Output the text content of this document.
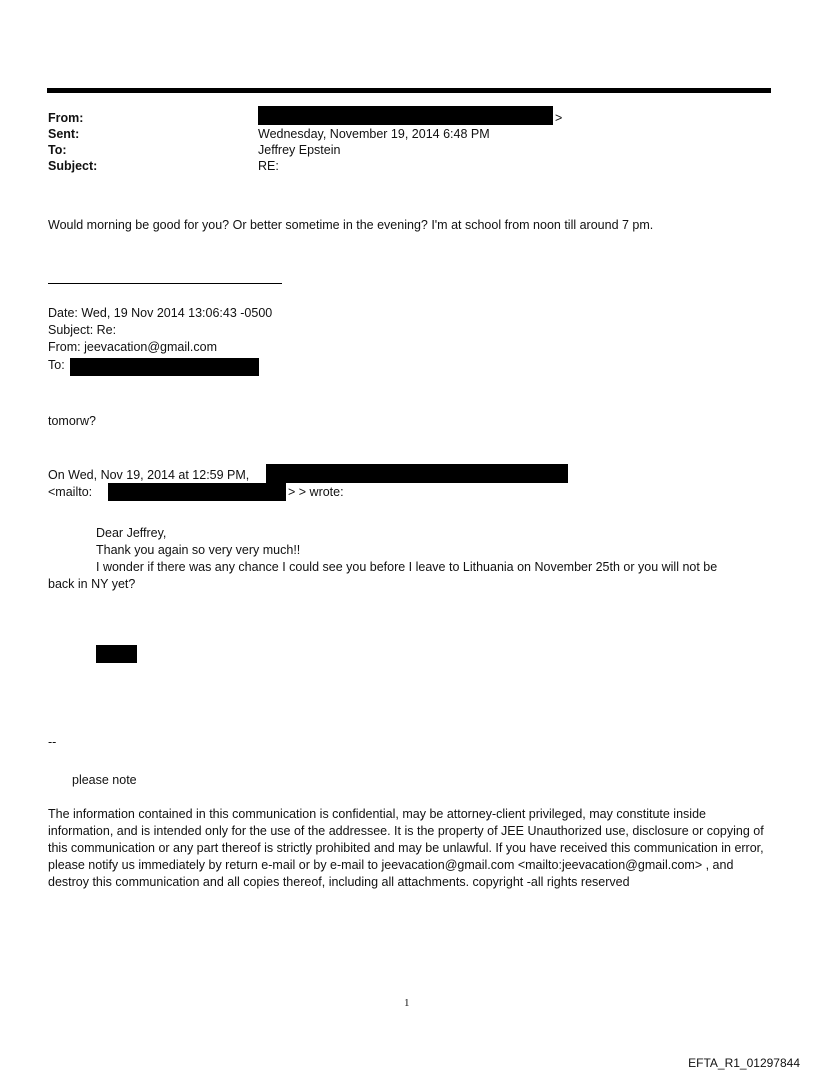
From:	>
Sent:	Wednesday, November 19, 2014 6:48 PM
To:	Jeffrey Epstein
Subject:	RE:
Would morning be good for you? Or better sometime in the evening? I'm at school from noon till around 7 pm.
Date: Wed, 19 Nov 2014 13:06:43 -0500
Subject: Re:
From: jeevacation@gmail.com
To:
tomorw?
On Wed, Nov 19, 2014 at 12:59 PM,
<mailto:	> > wrote:
Dear Jeffrey,
Thank you again so very very much!!
I wonder if there was any chance I could see you before I leave to Lithuania on November 25th or you will not be
back in NY yet?
--
please note
The information contained in this communication is confidential, may be attorney-client privileged, may constitute inside information, and is intended only for the use of the addressee. It is the property of JEE Unauthorized use, disclosure or copying of this communication or any part thereof is strictly prohibited and may be unlawful. If you have received this communication in error, please notify us immediately by return e-mail or by e-mail to jeevacation@gmail.com <mailto:jeevacation@gmail.com> , and destroy this communication and all copies thereof, including all attachments. copyright -all rights reserved
1
EFTA_R1_01297844
